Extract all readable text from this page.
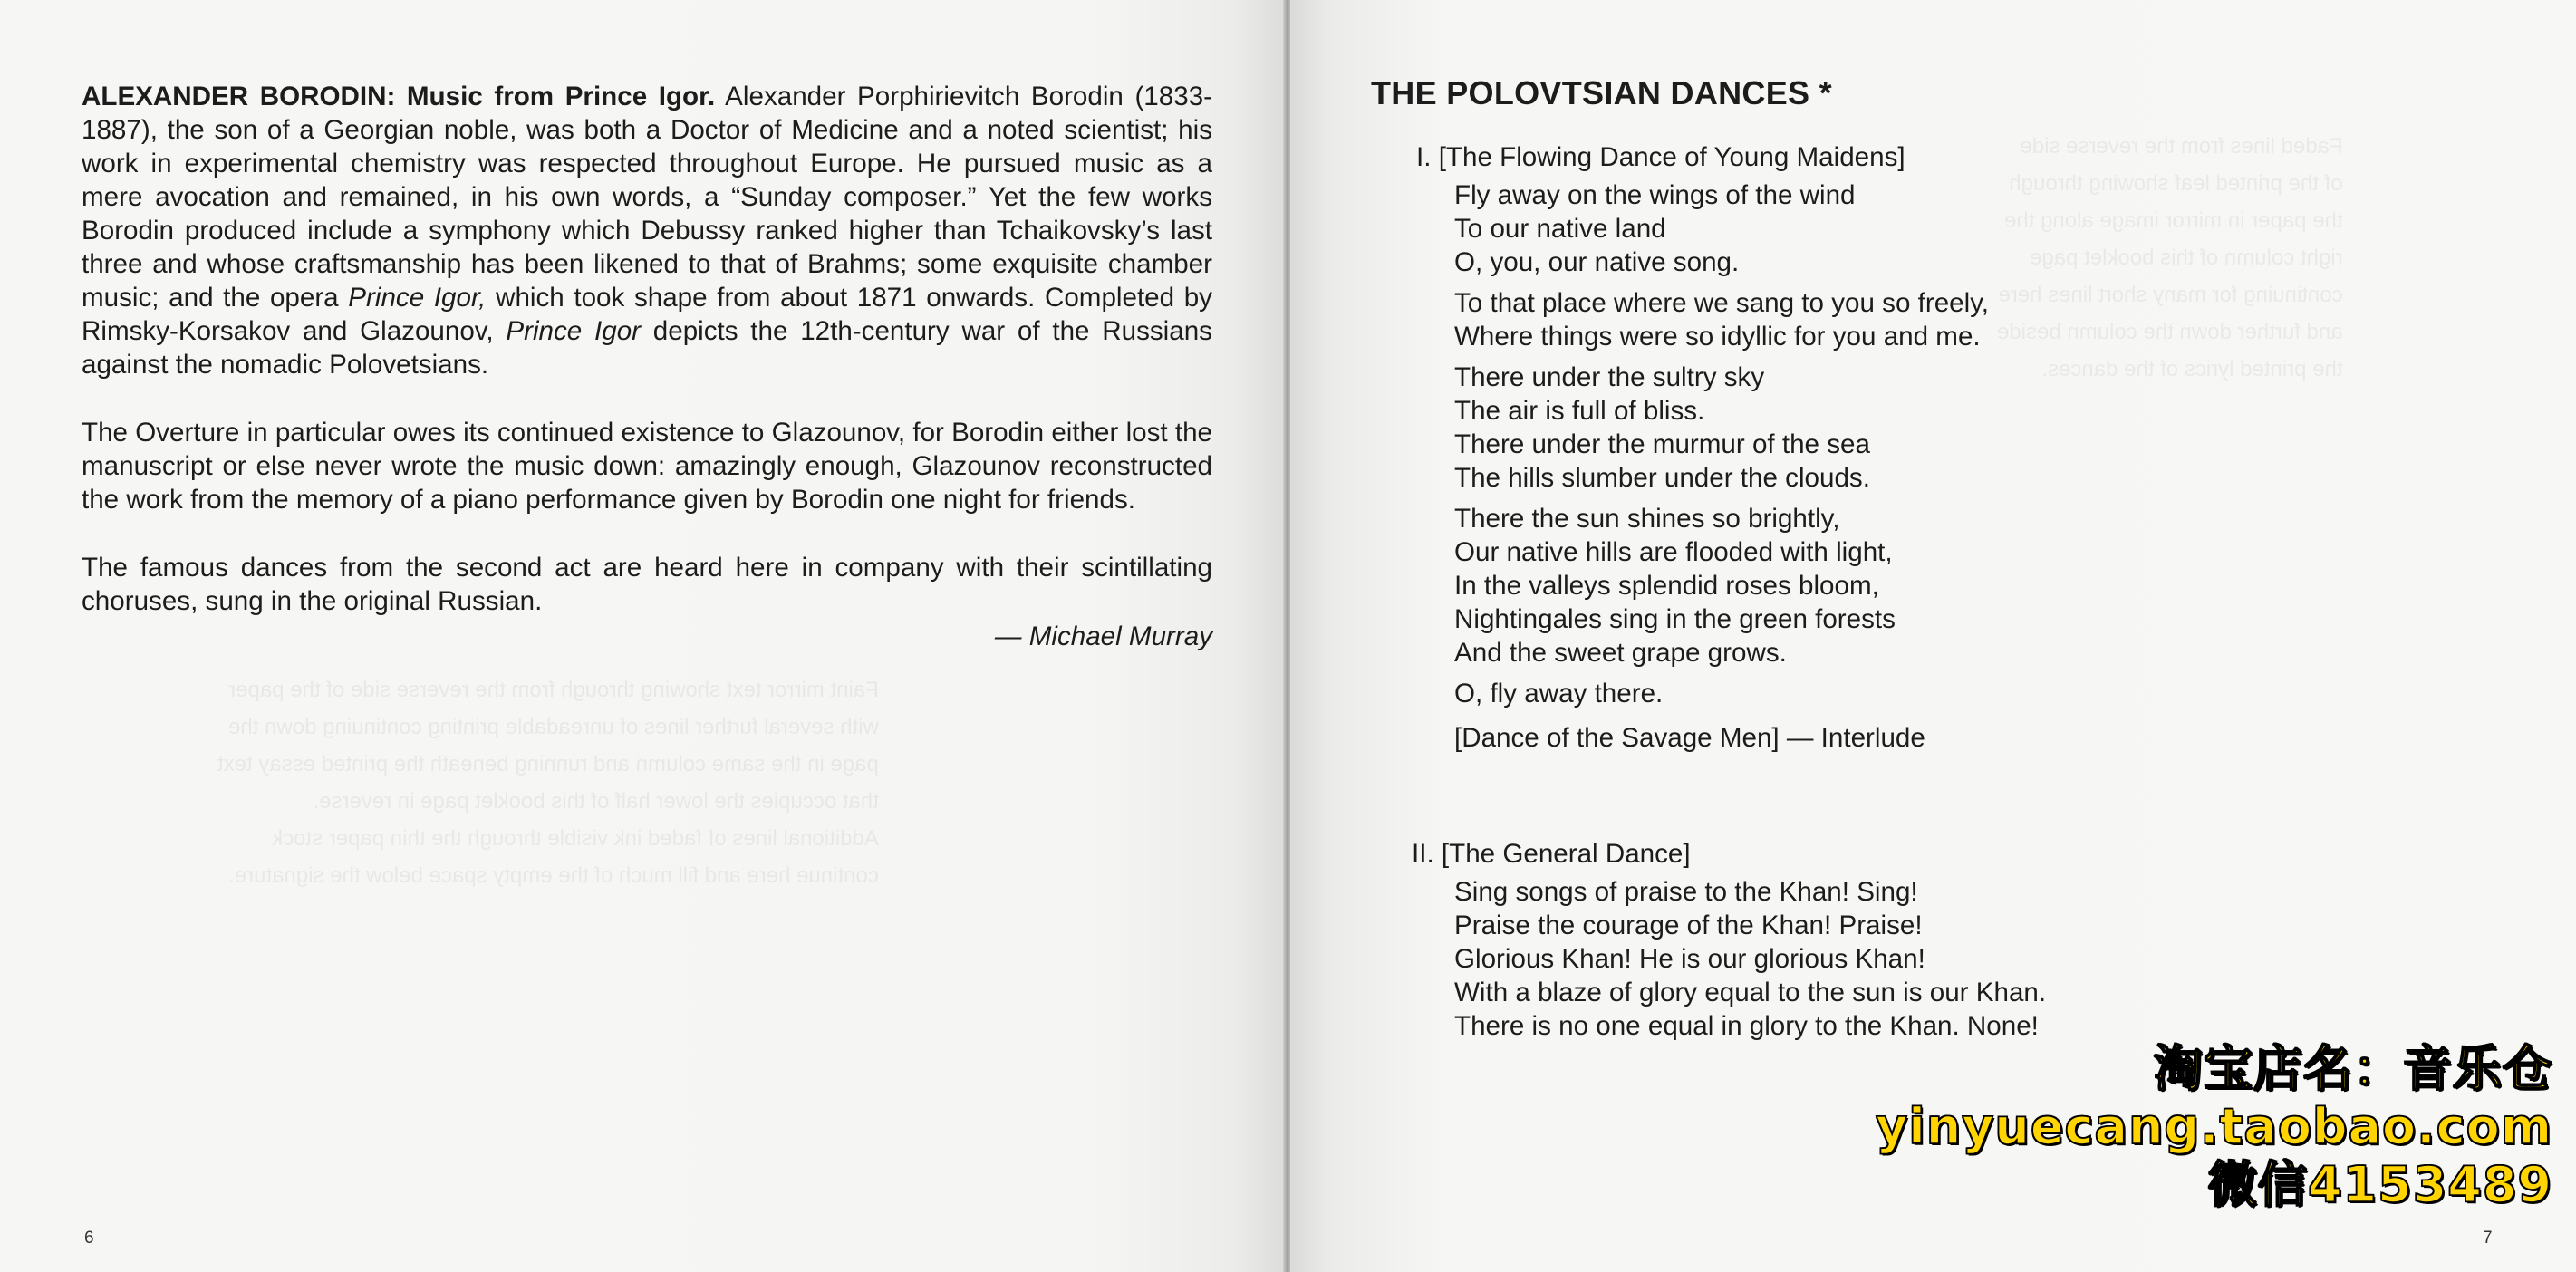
Faint mirror text showing through from the reverse side of the paper
with several further lines of unreadable printing continuing down the
page in the same column and running beneath the printed essay text
that occupies the lower half of this booklet page in reverse.
Additional lines of faded ink visible through the thin paper stock
continue here and fill much of the empty space below the signature.

ALEXANDER BORODIN: Music from Prince Igor. Alexander Porphirievitch Borodin (1833-1887), the son of a Georgian noble, was both a Doctor of Medicine and a noted scientist; his work in experimental chemistry was respected throughout Europe. He pursued music as a mere avocation and remained, in his own words, a “Sunday composer.” Yet the few works Borodin produced include a symphony which Debussy ranked higher than Tchaikovsky’s last three and whose craftsmanship has been likened to that of Brahms; some exquisite chamber music; and the opera Prince Igor, which took shape from about 1871 onwards. Completed by Rimsky-Korsakov and Glazounov, Prince Igor depicts the 12th-century war of the Russians against the nomadic Polovetsians.

The Overture in particular owes its continued existence to Glazounov, for Borodin either lost the manuscript or else never wrote the music down: amazingly enough, Glazounov reconstructed the work from the memory of a piano performance given by Borodin one night for friends.

The famous dances from the second act are heard here in company with their scintillating choruses, sung in the original Russian.

— Michael Murray

6

Faded lines from the reverse side
of the printed leaf showing through
the paper in mirror image along the
right column of this booklet page
continuing for many short lines here
and further down the column beside
the printed lyrics of the dances.

THE POLOVTSIAN DANCES *
I. [The Flowing Dance of Young Maidens]
Fly away on the wings of the wind
To our native land
O, you, our native song.
To that place where we sang to you so freely,
Where things were so idyllic for you and me.
There under the sultry sky
The air is full of bliss.
There under the murmur of the sea
The hills slumber under the clouds.
There the sun shines so brightly,
Our native hills are flooded with light,
In the valleys splendid roses bloom,
Nightingales sing in the green forests
And the sweet grape grows.
O, fly away there.
[Dance of the Savage Men] — Interlude
II. [The General Dance]
Sing songs of praise to the Khan! Sing!
Praise the courage of the Khan! Praise!
Glorious Khan! He is our glorious Khan!
With a blaze of glory equal to the sun is our Khan.
There is no one equal in glory to the Khan. None!
7
淘宝店名：音乐仓
yinyuecang.taobao.com
微信4153489
